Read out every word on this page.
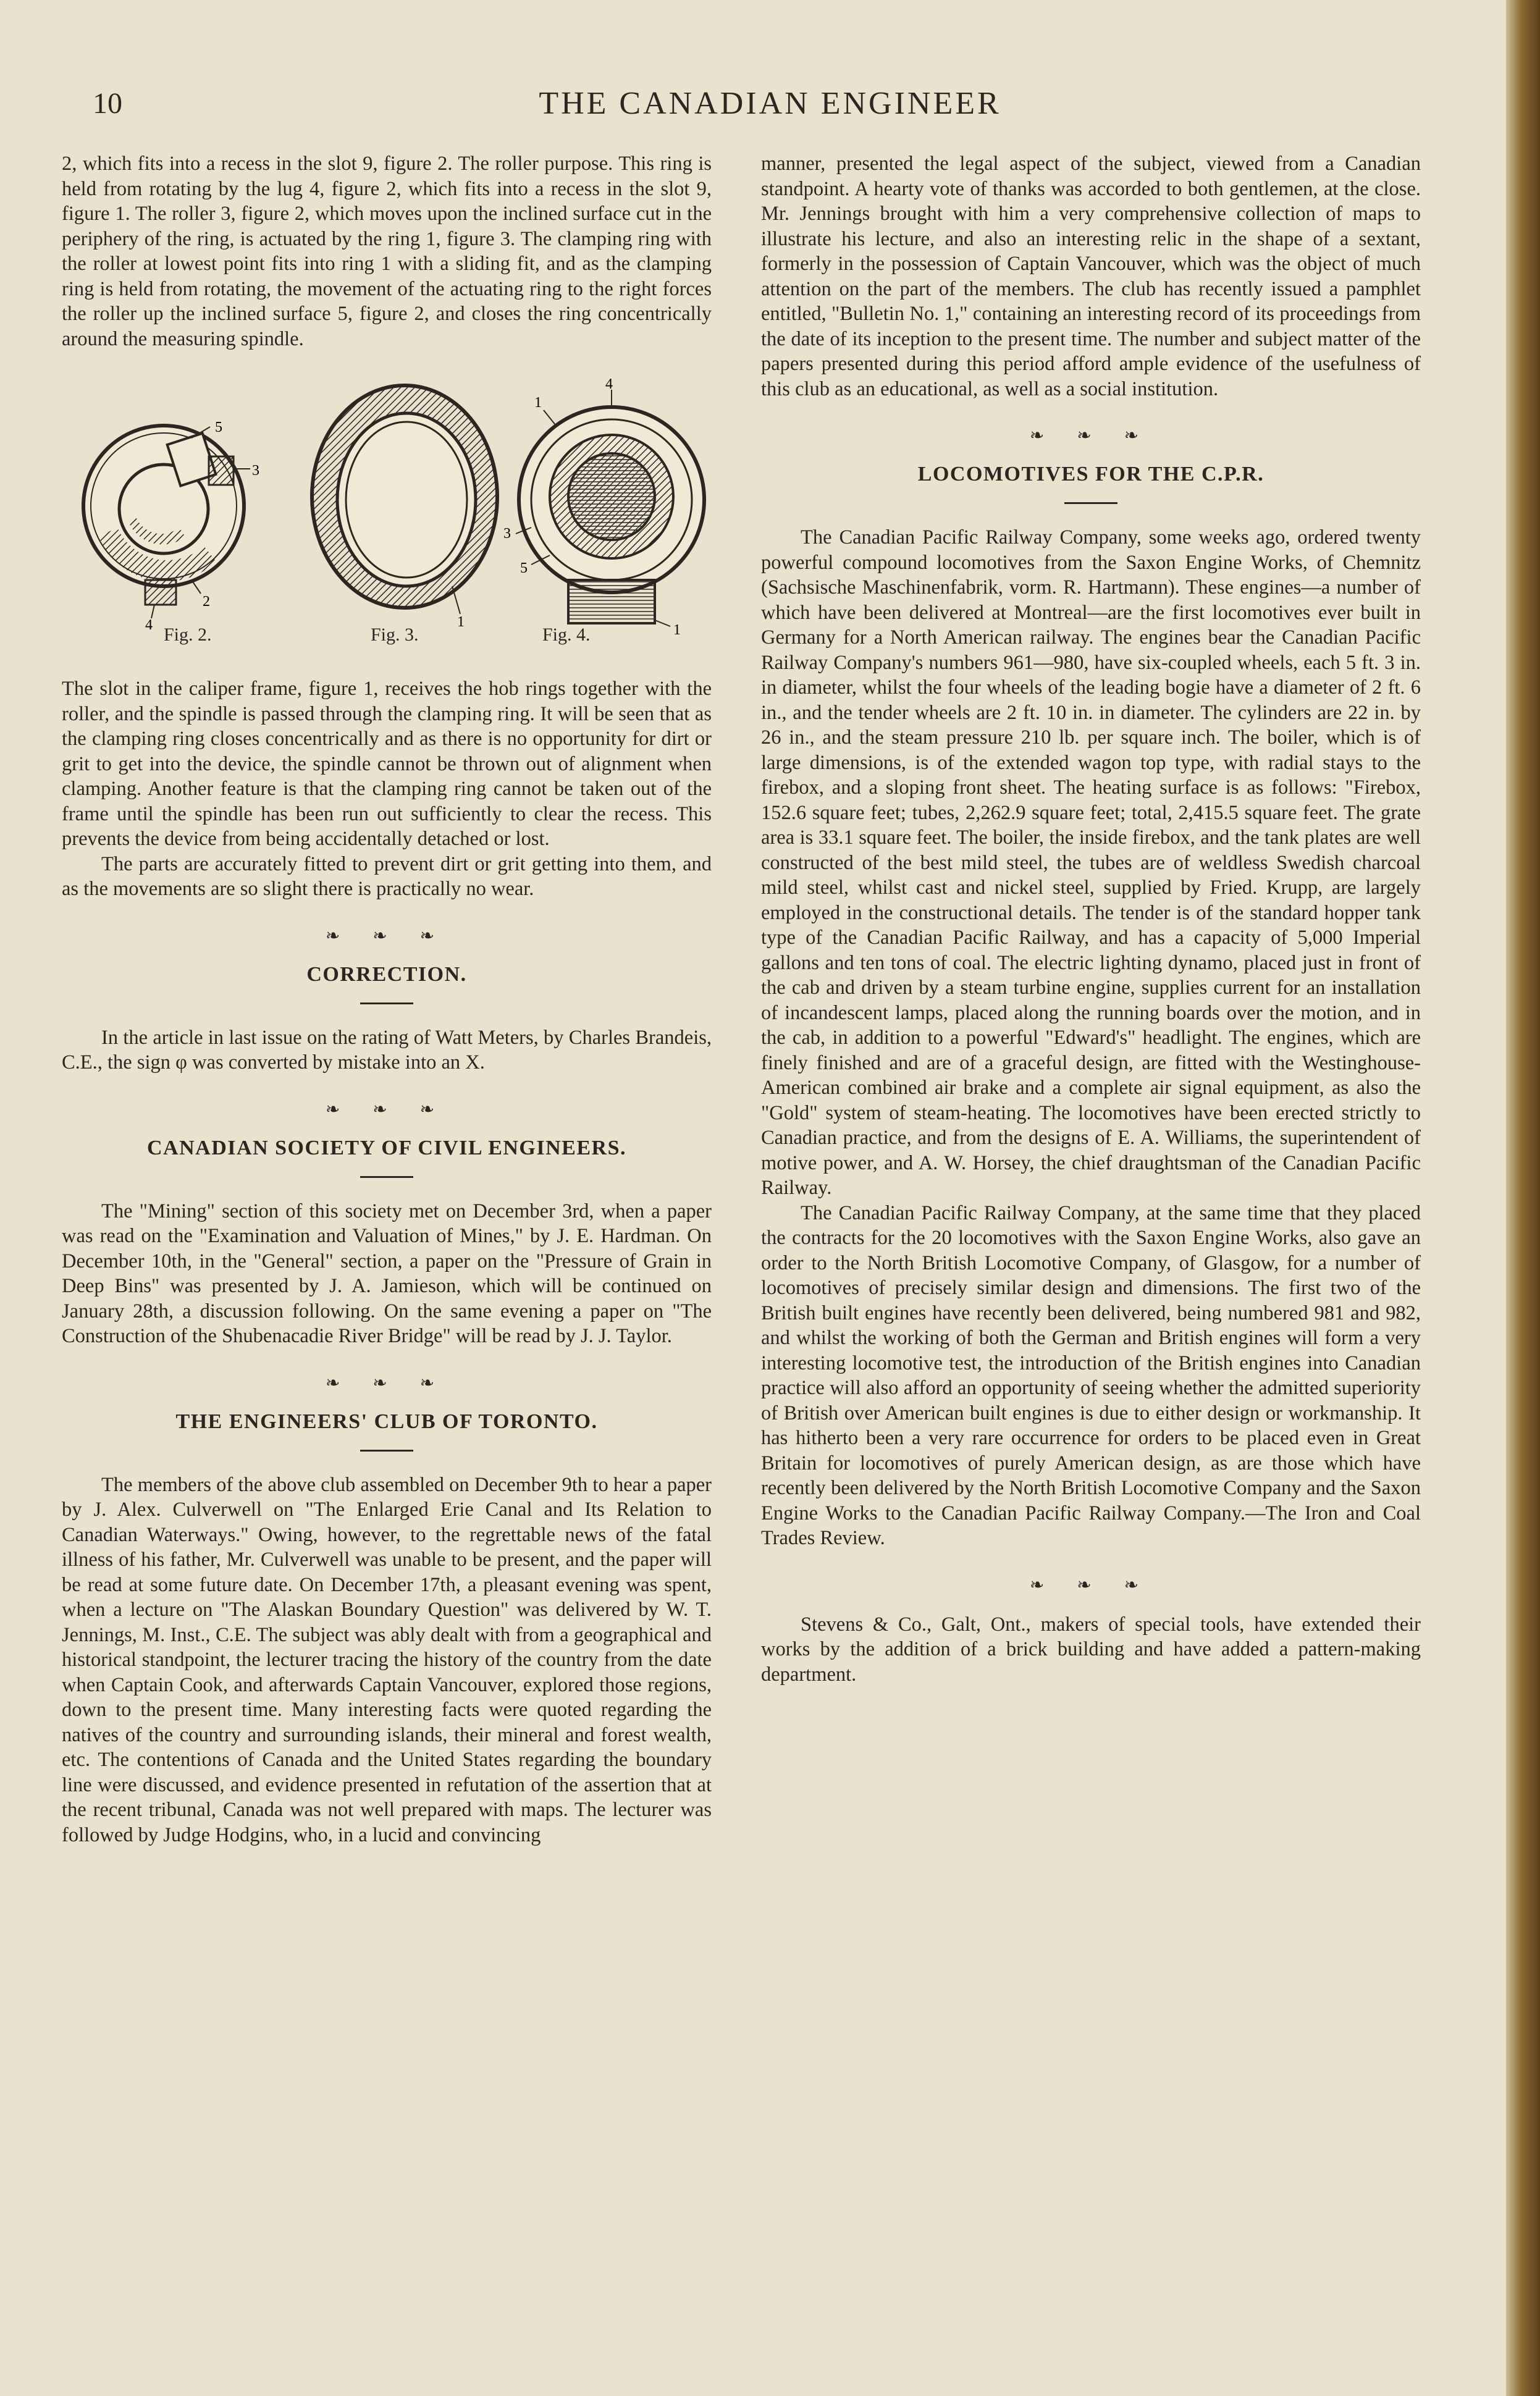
10	THE CANADIAN ENGINEER

2, which fits into a recess in the slot 9, figure 2. The roller purpose. This ring is held from rotating by the lug 4, figure 2, which fits into a recess in the slot 9, figure 1. The roller 3, figure 2, which moves upon the inclined surface cut in the periphery of the ring, is actuated by the ring 1, figure 3. The clamping ring with the roller at lowest point fits into ring 1 with a sliding fit, and as the clamping ring is held from rotating, the movement of the actuating ring to the right forces the roller up the inclined surface 5, figure 2, and closes the ring concentrically around the measuring spindle.

5
3
2
4	1
4
1
3
5
1
Fig. 2.	Fig. 3.	Fig. 4.

The slot in the caliper frame, figure 1, receives the hob rings together with the roller, and the spindle is passed through the clamping ring. It will be seen that as the clamping ring closes concentrically and as there is no opportunity for dirt or grit to get into the device, the spindle cannot be thrown out of alignment when clamping. Another feature is that the clamping ring cannot be taken out of the frame until the spindle has been run out sufficiently to clear the recess. This prevents the device from being accidentally detached or lost.

The parts are accurately fitted to prevent dirt or grit getting into them, and as the movements are so slight there is practically no wear.

❧ ❧ ❧
CORRECTION.

In the article in last issue on the rating of Watt Meters, by Charles Brandeis, C.E., the sign φ was converted by mistake into an X.

❧ ❧ ❧
CANADIAN SOCIETY OF CIVIL ENGINEERS.

The "Mining" section of this society met on December 3rd, when a paper was read on the "Examination and Valuation of Mines," by J. E. Hardman. On December 10th, in the "General" section, a paper on the "Pressure of Grain in Deep Bins" was presented by J. A. Jamieson, which will be continued on January 28th, a discussion following. On the same evening a paper on "The Construction of the Shubenacadie River Bridge" will be read by J. J. Taylor.

❧ ❧ ❧
THE ENGINEERS' CLUB OF TORONTO.

The members of the above club assembled on December 9th to hear a paper by J. Alex. Culverwell on "The Enlarged Erie Canal and Its Relation to Canadian Waterways." Owing, however, to the regrettable news of the fatal illness of his father, Mr. Culverwell was unable to be present, and the paper will be read at some future date. On December 17th, a pleasant evening was spent, when a lecture on "The Alaskan Boundary Question" was delivered by W. T. Jennings, M. Inst., C.E. The subject was ably dealt with from a geographical and historical standpoint, the lecturer tracing the history of the country from the date when Captain Cook, and afterwards Captain Vancouver, explored those regions, down to the present time. Many interesting facts were quoted regarding the natives of the country and surrounding islands, their mineral and forest wealth, etc. The contentions of Canada and the United States regarding the boundary line were discussed, and evidence presented in refutation of the assertion that at the recent tribunal, Canada was not well prepared with maps. The lecturer was followed by Judge Hodgins, who, in a lucid and convincing

manner, presented the legal aspect of the subject, viewed from a Canadian standpoint. A hearty vote of thanks was accorded to both gentlemen, at the close. Mr. Jennings brought with him a very comprehensive collection of maps to illustrate his lecture, and also an interesting relic in the shape of a sextant, formerly in the possession of Captain Vancouver, which was the object of much attention on the part of the members. The club has recently issued a pamphlet entitled, "Bulletin No. 1," containing an interesting record of its proceedings from the date of its inception to the present time. The number and subject matter of the papers presented during this period afford ample evidence of the usefulness of this club as an educational, as well as a social institution.

❧ ❧ ❧
LOCOMOTIVES FOR THE C.P.R.

The Canadian Pacific Railway Company, some weeks ago, ordered twenty powerful compound locomotives from the Saxon Engine Works, of Chemnitz (Sachsische Maschinenfabrik, vorm. R. Hartmann). These engines—a number of which have been delivered at Montreal—are the first locomotives ever built in Germany for a North American railway. The engines bear the Canadian Pacific Railway Company's numbers 961—980, have six-coupled wheels, each 5 ft. 3 in. in diameter, whilst the four wheels of the leading bogie have a diameter of 2 ft. 6 in., and the tender wheels are 2 ft. 10 in. in diameter. The cylinders are 22 in. by 26 in., and the steam pressure 210 lb. per square inch. The boiler, which is of large dimensions, is of the extended wagon top type, with radial stays to the firebox, and a sloping front sheet. The heating surface is as follows: "Firebox, 152.6 square feet; tubes, 2,262.9 square feet; total, 2,415.5 square feet. The grate area is 33.1 square feet. The boiler, the inside firebox, and the tank plates are well constructed of the best mild steel, the tubes are of weldless Swedish charcoal mild steel, whilst cast and nickel steel, supplied by Fried. Krupp, are largely employed in the constructional details. The tender is of the standard hopper tank type of the Canadian Pacific Railway, and has a capacity of 5,000 Imperial gallons and ten tons of coal. The electric lighting dynamo, placed just in front of the cab and driven by a steam turbine engine, supplies current for an installation of incandescent lamps, placed along the running boards over the motion, and in the cab, in addition to a powerful "Edward's" headlight. The engines, which are finely finished and are of a graceful design, are fitted with the Westinghouse-American combined air brake and a complete air signal equipment, as also the "Gold" system of steam-heating. The locomotives have been erected strictly to Canadian practice, and from the designs of E. A. Williams, the superintendent of motive power, and A. W. Horsey, the chief draughtsman of the Canadian Pacific Railway.

The Canadian Pacific Railway Company, at the same time that they placed the contracts for the 20 locomotives with the Saxon Engine Works, also gave an order to the North British Locomotive Company, of Glasgow, for a number of locomotives of precisely similar design and dimensions. The first two of the British built engines have recently been delivered, being numbered 981 and 982, and whilst the working of both the German and British engines will form a very interesting locomotive test, the introduction of the British engines into Canadian practice will also afford an opportunity of seeing whether the admitted superiority of British over American built engines is due to either design or workmanship. It has hitherto been a very rare occurrence for orders to be placed even in Great Britain for locomotives of purely American design, as are those which have recently been delivered by the North British Locomotive Company and the Saxon Engine Works to the Canadian Pacific Railway Company.—The Iron and Coal Trades Review.

❧ ❧ ❧

Stevens & Co., Galt, Ont., makers of special tools, have extended their works by the addition of a brick building and have added a pattern-making department.
